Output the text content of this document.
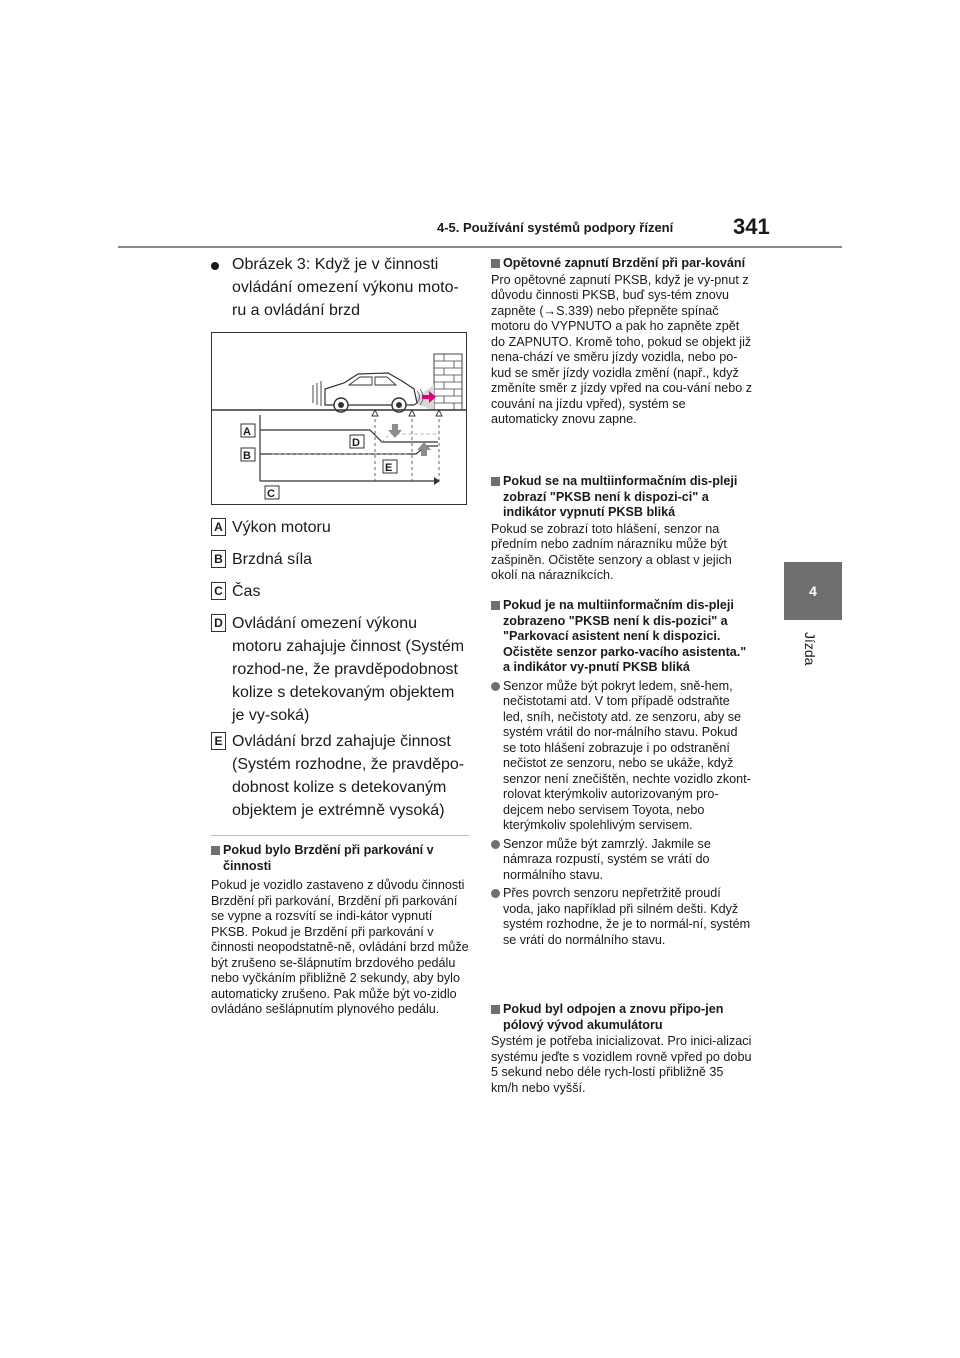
4-5. Používání systémů podpory řízení	341
4
Jízda
Obrázek 3: Když je v činnosti ovládání omezení výkonu moto-ru a ovládání brzd
A
B
C
D
E
A Výkon motoru
B Brzdná síla
C Čas
D Ovládání omezení výkonu motoru zahajuje činnost (Systém rozhod-ne, že pravděpodobnost kolize s detekovaným objektem je vy-soká)
E Ovládání brzd zahajuje činnost (Systém rozhodne, že pravděpo-dobnost kolize s detekovaným objektem je extrémně vysoká)
Pokud bylo Brzdění při parkování v činnosti
Pokud je vozidlo zastaveno z důvodu činnosti Brzdění při parkování, Brzdění při parkování se vypne a rozsvítí se indi-kátor vypnutí PKSB. Pokud je Brzdění při parkování v činnosti neopodstatně-ně, ovládání brzd může být zrušeno se-šlápnutím brzdového pedálu nebo vyčkáním přibližně 2 sekundy, aby bylo automaticky zrušeno. Pak může být vo-zidlo ovládáno sešlápnutím plynového pedálu.
Opětovné zapnutí Brzdění při par-kování
Pro opětovné zapnutí PKSB, když je vy-pnut z důvodu činnosti PKSB, buď sys-tém znovu zapněte (→S.339) nebo přepněte spínač motoru do VYPNUTO a pak ho zapněte zpět do ZAPNUTO. Kromě toho, pokud se objekt již nena-chází ve směru jízdy vozidla, nebo po-kud se směr jízdy vozidla změní (např., když změníte směr z jízdy vpřed na cou-vání nebo z couvání na jízdu vpřed), systém se automaticky znovu zapne.
Pokud se na multiinformačním dis-pleji zobrazí "PKSB není k dispozi-ci" a indikátor vypnutí PKSB bliká
Pokud se zobrazí toto hlášení, senzor na předním nebo zadním nárazníku může být zašpiněn. Očistěte senzory a oblast v jejich okolí na nárazníkcích.
Pokud je na multiinformačním dis-pleji zobrazeno "PKSB není k dis-pozici" a "Parkovací asistent není k dispozici. Očistěte senzor parko-vacího asistenta." a indikátor vy-pnutí PKSB bliká
Senzor může být pokryt ledem, sně-hem, nečistotami atd. V tom případě odstraňte led, sníh, nečistoty atd. ze senzoru, aby se systém vrátil do nor-málního stavu. Pokud se toto hlášení zobrazuje i po odstranění nečistot ze senzoru, nebo se ukáže, když senzor není znečištěn, nechte vozidlo zkont-rolovat kterýmkoliv autorizovaným pro-dejcem nebo servisem Toyota, nebo kterýmkoliv spolehlivým servisem.
Senzor může být zamrzlý. Jakmile se námraza rozpustí, systém se vrátí do normálního stavu.
Přes povrch senzoru nepřetržitě proudí voda, jako například při silném dešti. Když systém rozhodne, že je to normál-ní, systém se vrátí do normálního stavu.
Pokud byl odpojen a znovu připo-jen pólový vývod akumulátoru
Systém je potřeba inicializovat. Pro inici-alizaci systému jeďte s vozidlem rovně vpřed po dobu 5 sekund nebo déle rych-lostí přibližně 35 km/h nebo vyšší.
